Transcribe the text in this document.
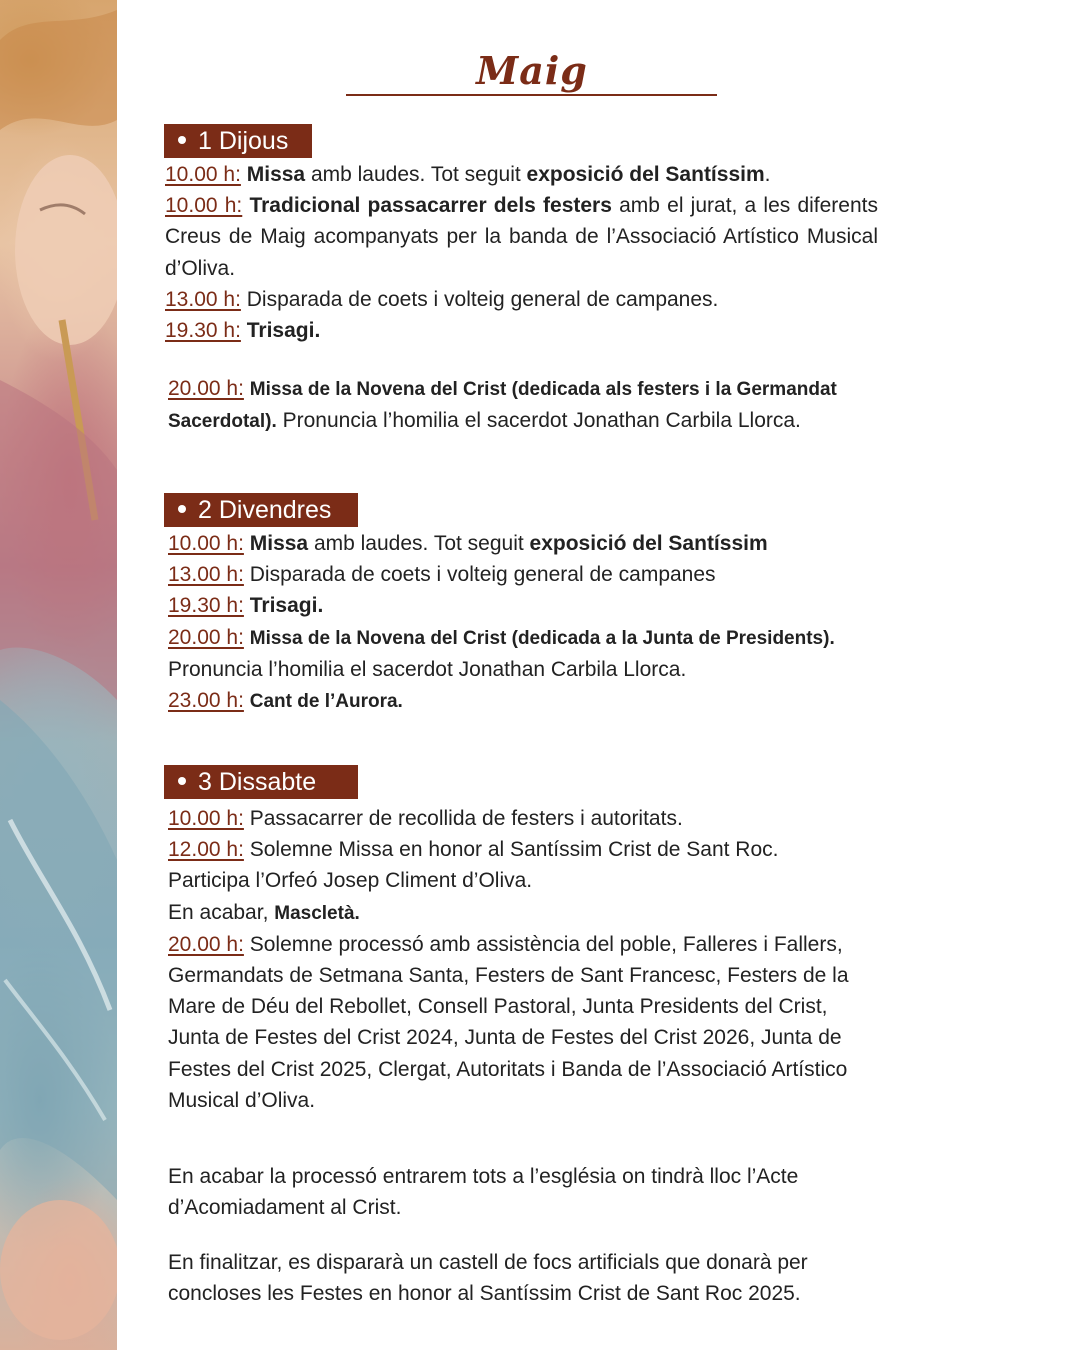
Maig
1 Dijous

10.00 h: Missa amb laudes. Tot seguit exposició del Santíssim.

10.00 h: Tradicional passacarrer dels festers amb el jurat, a les diferents Creus de Maig acompanyats per la banda de l’Associació Artístico Musical d’Oliva.

13.00 h: Disparada de coets i volteig general de campanes.

19.30 h: Trisagi.

20.00 h: Missa de la Novena del Crist (dedicada als festers i la Germandat Sacerdotal). Pronuncia l’homilia el sacerdot Jonathan Carbila Llorca.

2 Divendres

10.00 h: Missa amb laudes. Tot seguit exposició del Santíssim

13.00 h: Disparada de coets i volteig general de campanes

19.30 h: Trisagi.

20.00 h: Missa de la Novena del Crist (dedicada a la Junta de Presidents). Pronuncia l’homilia el sacerdot Jonathan Carbila Llorca.

23.00 h: Cant de l’Aurora.

3 Dissabte

10.00 h: Passacarrer de recollida de festers i autoritats.

12.00 h: Solemne Missa en honor al Santíssim Crist de Sant Roc.

Participa l’Orfeó Josep Climent d’Oliva.

En acabar, Mascletà.

20.00 h: Solemne processó amb assistència del poble, Falleres i Fallers, Germandats de Setmana Santa, Festers de Sant Francesc, Festers de la Mare de Déu del Rebollet, Consell Pastoral, Junta Presidents del Crist, Junta de Festes del Crist 2024, Junta de Festes del Crist 2026, Junta de Festes del Crist 2025, Clergat, Autoritats i Banda de l’Associació Artístico Musical d’Oliva.

En acabar la processó entrarem tots a l’església on tindrà lloc l’Acte d’Acomiadament al Crist.
En finalitzar, es dispararà un castell de focs artificials que donarà per concloses les Festes en honor al Santíssim Crist de Sant Roc 2025.
